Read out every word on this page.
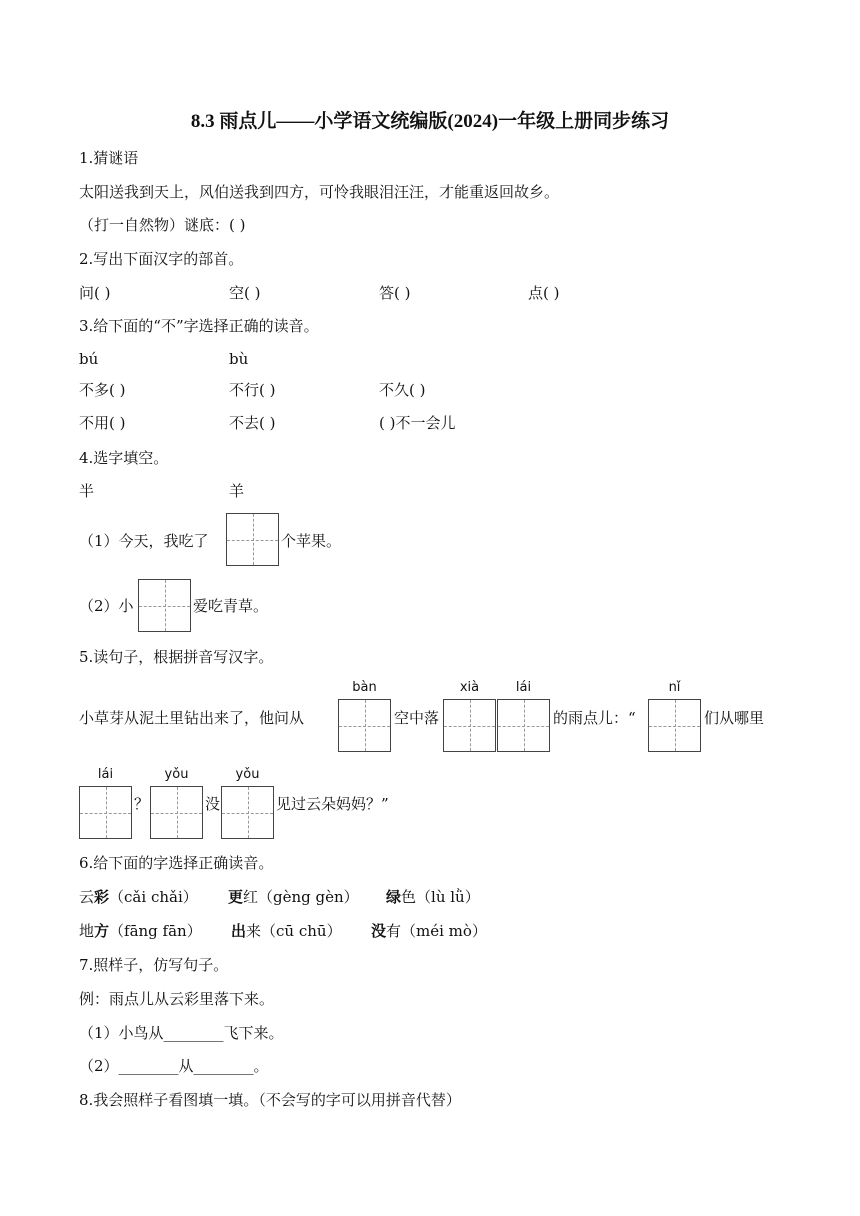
8.3 雨点儿——小学语文统编版(2024)一年级上册同步练习
1.猜谜语
太阳送我到天上，风伯送我到四方，可怜我眼泪汪汪，才能重返回故乡。
（打一自然物）谜底：( )
2.写出下面汉字的部首。
问( )	空( )	答( )	点( )
3.给下面的“不”字选择正确的读音。
bú	bù
不多( )	不行( )	不久( )
不用( )	不去( )	( )不一会儿
4.选字填空。
半	羊
（1）今天，我吃了	个苹果。
（2）小	爱吃青草。
5.读句子，根据拼音写汉字。
bàn	xià	lái	nǐ
小草芽从泥土里钻出来了，他问从	空中落	的雨点儿：“	们从哪里
lái	yǒu	yǒu
？	没	见过云朵妈妈？”
6.给下面的字选择正确读音。
云彩（cǎi chǎi） 更红（gèng gèn） 绿色（lù lǜ）
地方（fāng fān） 出来（cū chū） 没有（méi mò）
7.照样子，仿写句子。
例：雨点儿从云彩里落下来。
（1）小鸟从________飞下来。
（2）________从________。
8.我会照样子看图填一填。（不会写的字可以用拼音代替）
